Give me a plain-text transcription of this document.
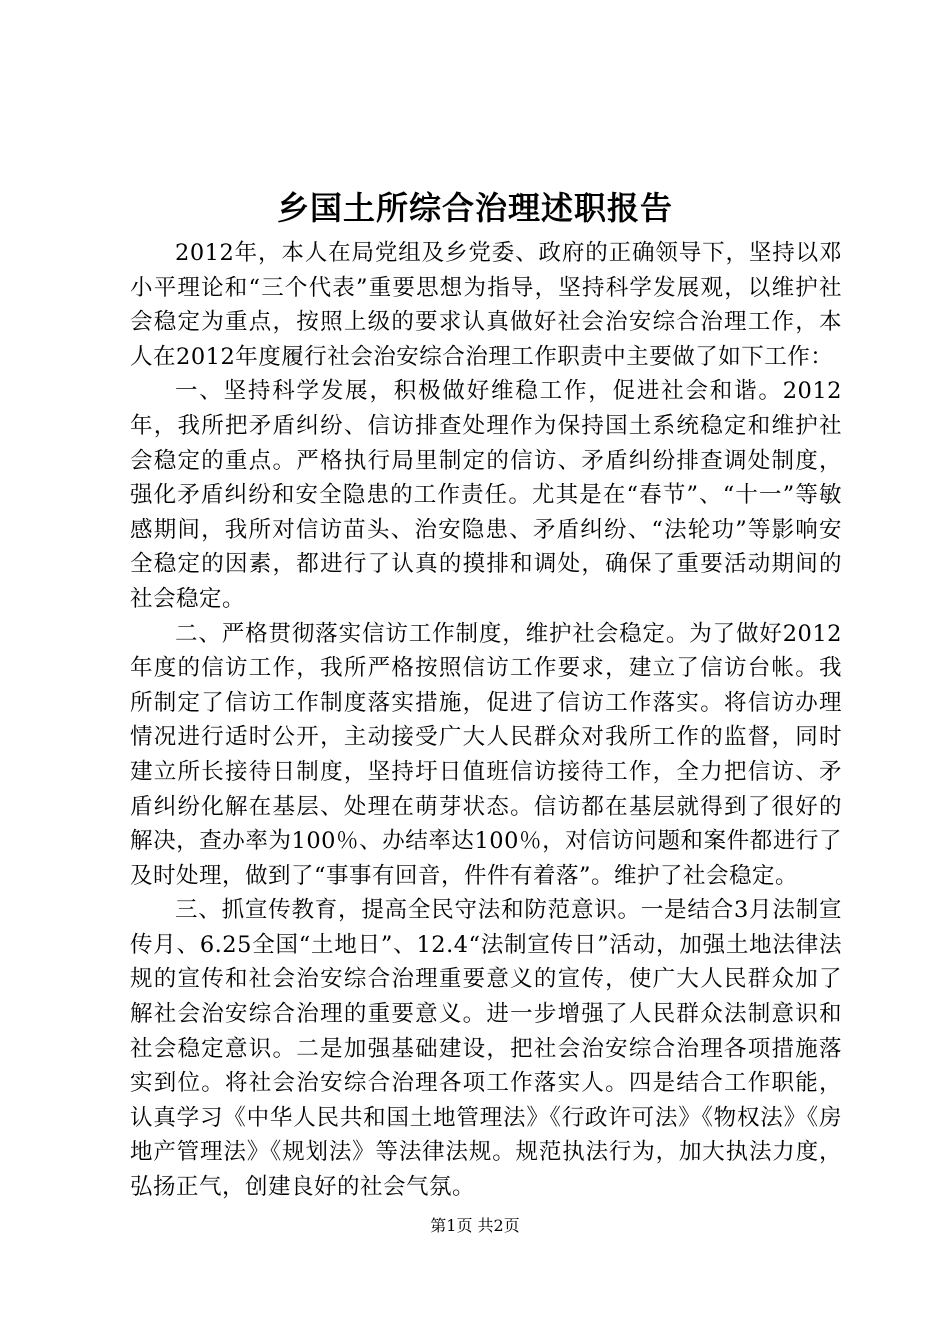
乡国土所综合治理述职报告

2012年，本人在局党组及乡党委、政府的正确领导下，坚持以邓小平理论和“三个代表”重要思想为指导，坚持科学发展观，以维护社会稳定为重点，按照上级的要求认真做好社会治安综合治理工作，本人在2012年度履行社会治安综合治理工作职责中主要做了如下工作：

一、坚持科学发展，积极做好维稳工作，促进社会和谐。2012年，我所把矛盾纠纷、信访排查处理作为保持国土系统稳定和维护社会稳定的重点。严格执行局里制定的信访、矛盾纠纷排查调处制度，强化矛盾纠纷和安全隐患的工作责任。尤其是在“春节”、“十一”等敏感期间，我所对信访苗头、治安隐患、矛盾纠纷、“法轮功”等影响安全稳定的因素，都进行了认真的摸排和调处，确保了重要活动期间的社会稳定。

二、严格贯彻落实信访工作制度，维护社会稳定。为了做好2012年度的信访工作，我所严格按照信访工作要求，建立了信访台帐。我所制定了信访工作制度落实措施，促进了信访工作落实。将信访办理情况进行适时公开，主动接受广大人民群众对我所工作的监督，同时建立所长接待日制度，坚持圩日值班信访接待工作，全力把信访、矛盾纠纷化解在基层、处理在萌芽状态。信访都在基层就得到了很好的解决，查办率为100％、办结率达100％，对信访问题和案件都进行了及时处理，做到了“事事有回音，件件有着落”。维护了社会稳定。

三、抓宣传教育，提高全民守法和防范意识。一是结合3月法制宣传月、6.25全国“土地日”、12.4“法制宣传日”活动，加强土地法律法规的宣传和社会治安综合治理重要意义的宣传，使广大人民群众加了解社会治安综合治理的重要意义。进一步增强了人民群众法制意识和社会稳定意识。二是加强基础建设，把社会治安综合治理各项措施落实到位。将社会治安综合治理各项工作落实人。四是结合工作职能，认真学习《中华人民共和国土地管理法》《行政许可法》《物权法》《房地产管理法》《规划法》等法律法规。规范执法行为，加大执法力度，弘扬正气，创建良好的社会气氛。

第1页 共2页
